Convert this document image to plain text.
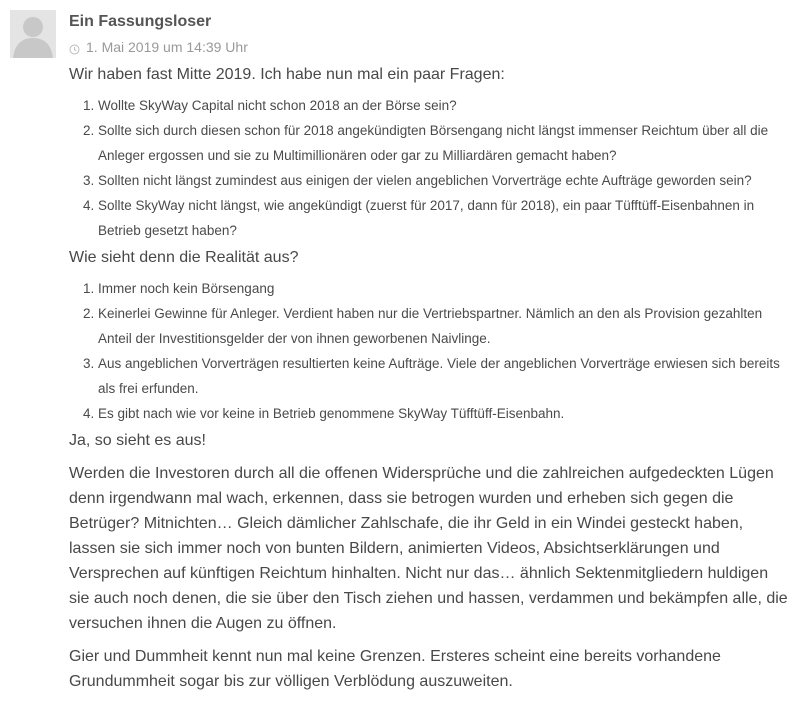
Ein Fassungsloser
1. Mai 2019 um 14:39 Uhr

Wir haben fast Mitte 2019. Ich habe nun mal ein paar Fragen:

1. Wollte SkyWay Capital nicht schon 2018 an der Börse sein?
2. Sollte sich durch diesen schon für 2018 angekündigten Börsengang nicht längst immenser Reichtum über all die Anleger ergossen und sie zu Multimillionären oder gar zu Milliardären gemacht haben?
3. Sollten nicht längst zumindest aus einigen der vielen angeblichen Vorverträge echte Aufträge geworden sein?
4. Sollte SkyWay nicht längst, wie angekündigt (zuerst für 2017, dann für 2018), ein paar Tüfftüff-Eisenbahnen in Betrieb gesetzt haben?

Wie sieht denn die Realität aus?

1. Immer noch kein Börsengang
2. Keinerlei Gewinne für Anleger. Verdient haben nur die Vertriebspartner. Nämlich an den als Provision gezahlten Anteil der Investitionsgelder der von ihnen geworbenen Naivlinge.
3. Aus angeblichen Vorverträgen resultierten keine Aufträge. Viele der angeblichen Vorverträge erwiesen sich bereits als frei erfunden.
4. Es gibt nach wie vor keine in Betrieb genommene SkyWay Tüfftüff-Eisenbahn.

Ja, so sieht es aus!

Werden die Investoren durch all die offenen Widersprüche und die zahlreichen aufgedeckten Lügen denn irgendwann mal wach, erkennen, dass sie betrogen wurden und erheben sich gegen die Betrüger? Mitnichten… Gleich dämlicher Zahlschafe, die ihr Geld in ein Windei gesteckt haben, lassen sie sich immer noch von bunten Bildern, animierten Videos, Absichtserklärungen und Versprechen auf künftigen Reichtum hinhalten. Nicht nur das… ähnlich Sektenmitgliedern huldigen sie auch noch denen, die sie über den Tisch ziehen und hassen, verdammen und bekämpfen alle, die versuchen ihnen die Augen zu öffnen.

Gier und Dummheit kennt nun mal keine Grenzen. Ersteres scheint eine bereits vorhandene Grundummheit sogar bis zur völligen Verblödung auszuweiten.
